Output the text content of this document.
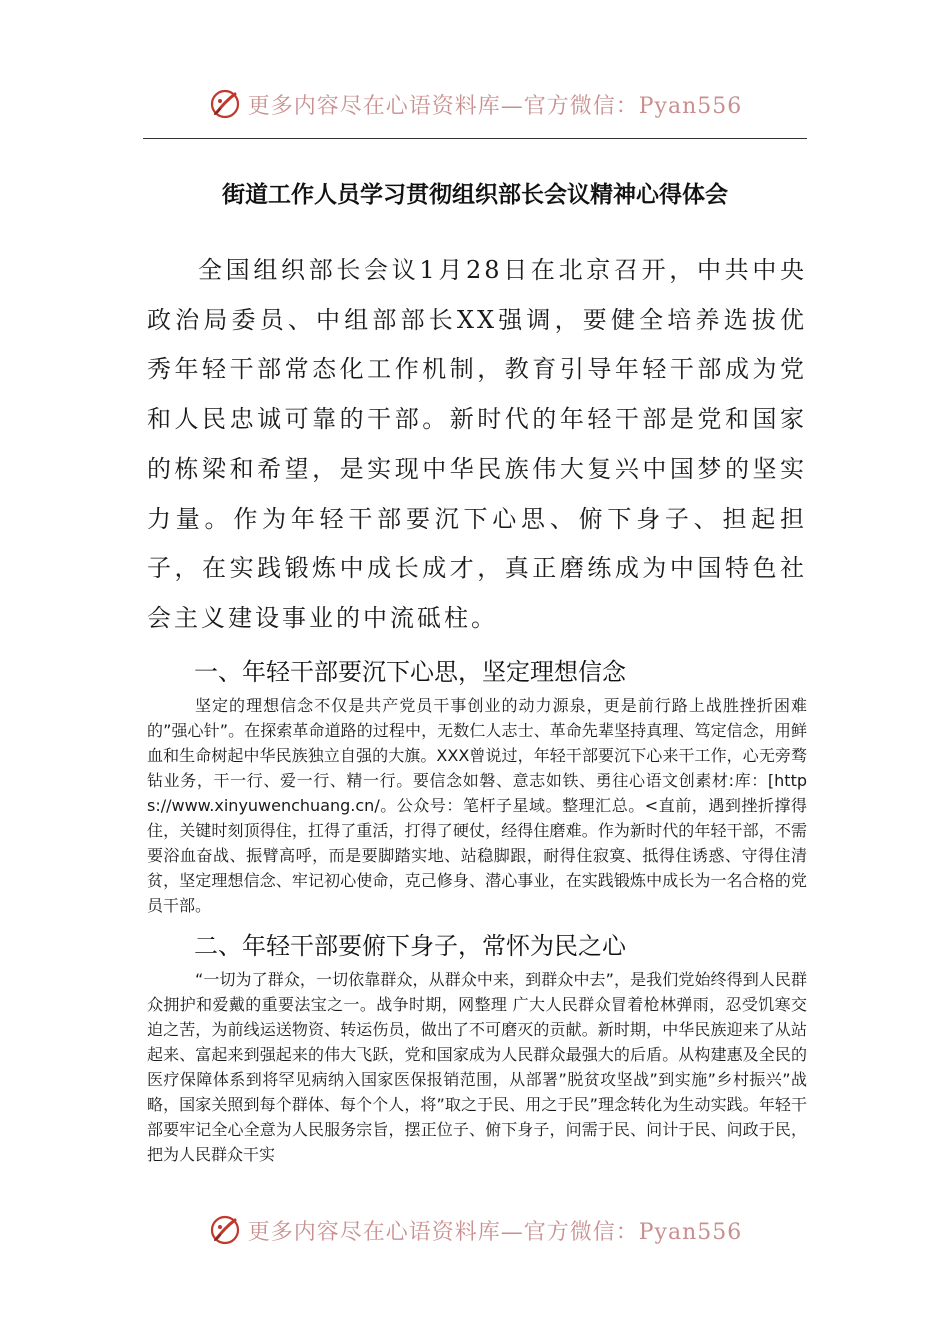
更多内容尽在心语资料库—官方微信：Pyan556
街道工作人员学习贯彻组织部长会议精神心得体会

全国组织部长会议1月28日在北京召开，中共中央政治局委员、中组部部长XX强调，要健全培养选拔优秀年轻干部常态化工作机制，教育引导年轻干部成为党和人民忠诚可靠的干部。新时代的年轻干部是党和国家的栋梁和希望，是实现中华民族伟大复兴中国梦的坚实力量。作为年轻干部要沉下心思、俯下身子、担起担子，在实践锻炼中成长成才，真正磨练成为中国特色社会主义建设事业的中流砥柱。

一、年轻干部要沉下心思，坚定理想信念

坚定的理想信念不仅是共产党员干事创业的动力源泉，更是前行路上战胜挫折困难的”强心针”。在探索革命道路的过程中，无数仁人志士、革命先辈坚持真理、笃定信念，用鲜血和生命树起中华民族独立自强的大旗。XXX曾说过，年轻干部要沉下心来干工作，心无旁骛钻业务，干一行、爱一行、精一行。要信念如磐、意志如铁、勇往心语文创素材:库：[https://www.xinyuwenchuang.cn/。公众号：笔杆子星域。整理汇总。<直前，遇到挫折撑得住，关键时刻顶得住，扛得了重活，打得了硬仗，经得住磨难。作为新时代的年轻干部，不需要浴血奋战、振臂高呼，而是要脚踏实地、站稳脚跟，耐得住寂寞、抵得住诱惑、守得住清贫，坚定理想信念、牢记初心使命，克己修身、潜心事业，在实践锻炼中成长为一名合格的党员干部。

二、年轻干部要俯下身子，常怀为民之心

“一切为了群众，一切依靠群众，从群众中来，到群众中去”，是我们党始终得到人民群众拥护和爱戴的重要法宝之一。战争时期，网整理 广大人民群众冒着枪林弹雨，忍受饥寒交迫之苦，为前线运送物资、转运伤员，做出了不可磨灭的贡献。新时期，中华民族迎来了从站起来、富起来到强起来的伟大飞跃，党和国家成为人民群众最强大的后盾。从构建惠及全民的医疗保障体系到将罕见病纳入国家医保报销范围，从部署”脱贫攻坚战”到实施”乡村振兴”战略，国家关照到每个群体、每个个人，将”取之于民、用之于民”理念转化为生动实践。年轻干部要牢记全心全意为人民服务宗旨，摆正位子、俯下身子，问需于民、问计于民、问政于民，把为人民群众干实

更多内容尽在心语资料库—官方微信：Pyan556
